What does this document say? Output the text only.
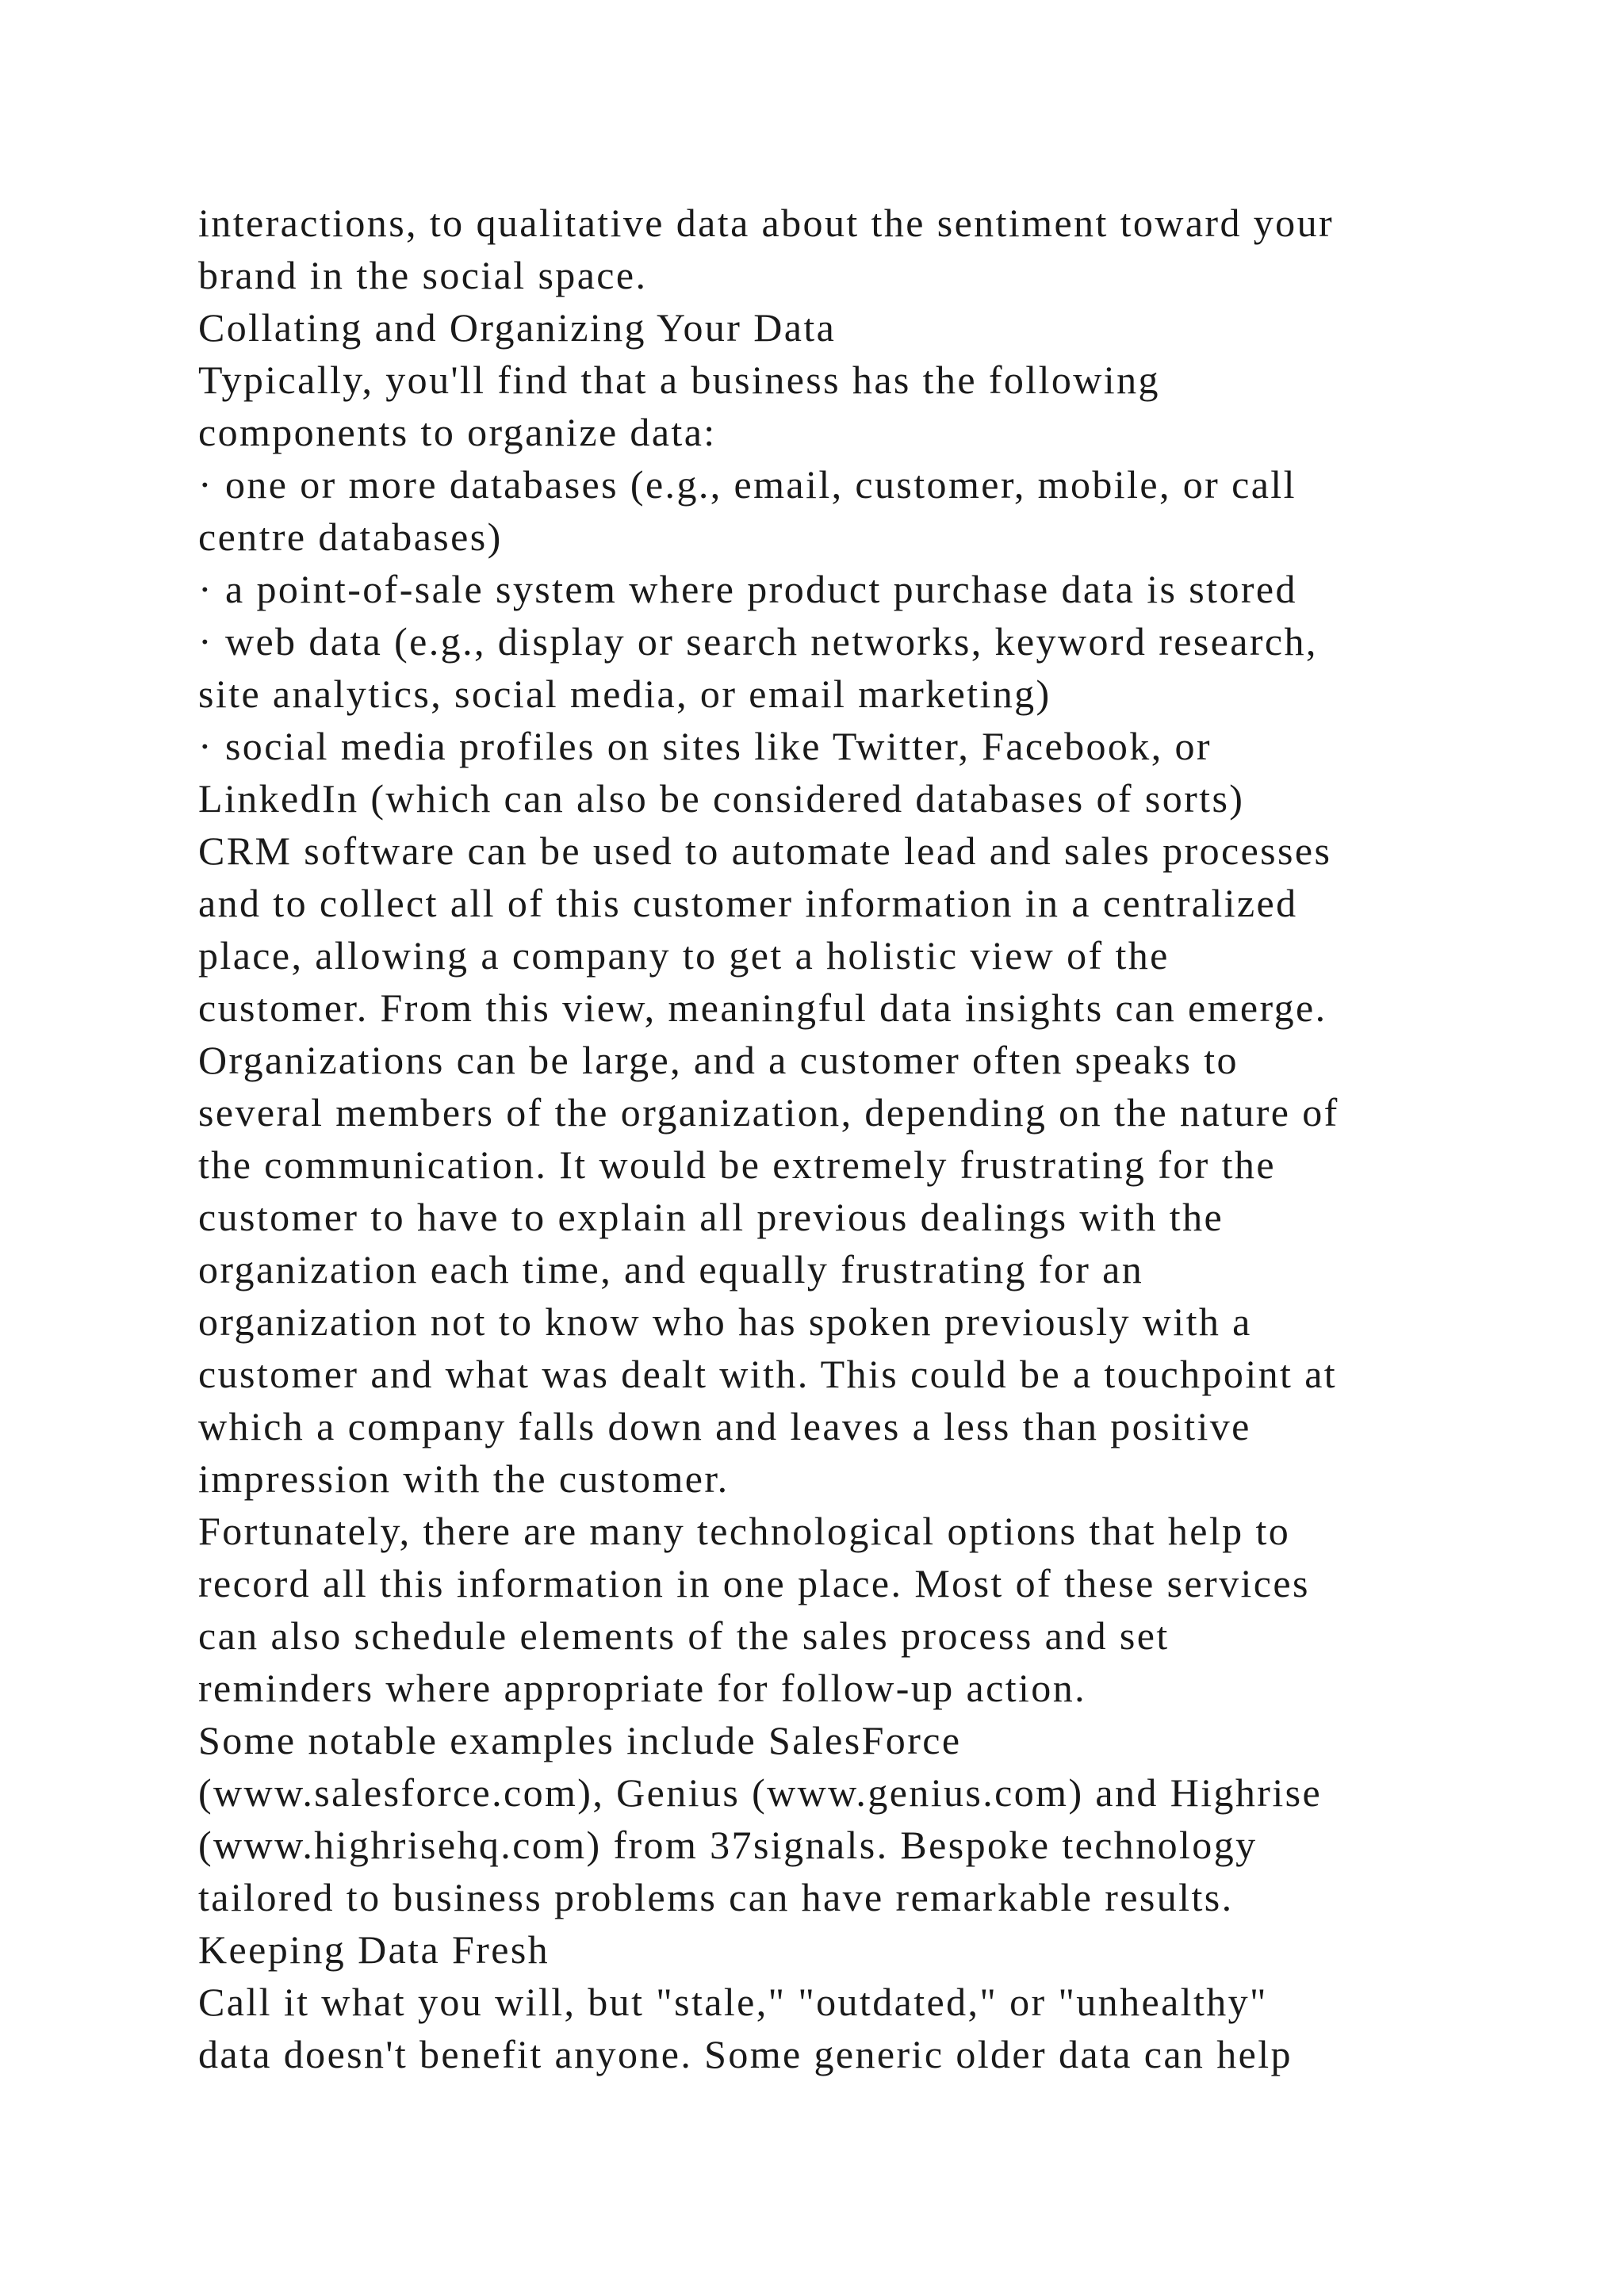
interactions, to qualitative data about the sentiment toward your
brand in the social space.
Collating and Organizing Your Data
Typically, you'll find that a business has the following
components to organize data:
· one or more databases (e.g., email, customer, mobile, or call
centre databases)
· a point-of-sale system where product purchase data is stored
· web data (e.g., display or search networks, keyword research,
site analytics, social media, or email marketing)
· social media profiles on sites like Twitter, Facebook, or
LinkedIn (which can also be considered databases of sorts)
CRM software can be used to automate lead and sales processes
and to collect all of this customer information in a centralized
place, allowing a company to get a holistic view of the
customer. From this view, meaningful data insights can emerge.
Organizations can be large, and a customer often speaks to
several members of the organization, depending on the nature of
the communication. It would be extremely frustrating for the
customer to have to explain all previous dealings with the
organization each time, and equally frustrating for an
organization not to know who has spoken previously with a
customer and what was dealt with. This could be a touchpoint at
which a company falls down and leaves a less than positive
impression with the customer.
Fortunately, there are many technological options that help to
record all this information in one place. Most of these services
can also schedule elements of the sales process and set
reminders where appropriate for follow-up action.
Some notable examples include SalesForce
(www.salesforce.com), Genius (www.genius.com) and Highrise
(www.highrisehq.com) from 37signals. Bespoke technology
tailored to business problems can have remarkable results.
Keeping Data Fresh
Call it what you will, but "stale," "outdated," or "unhealthy"
data doesn't benefit anyone. Some generic older data can help
